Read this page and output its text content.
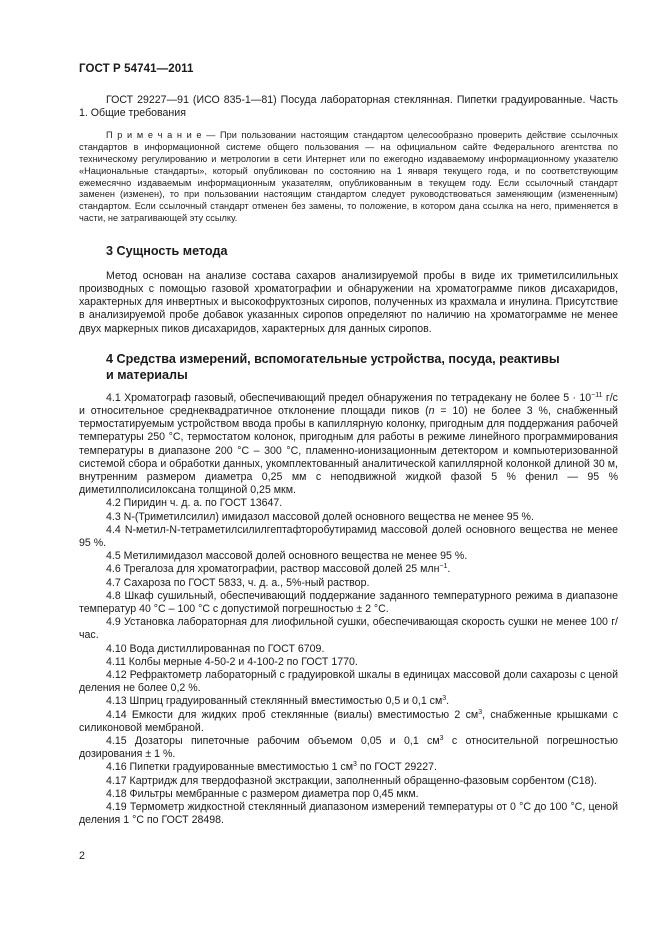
ГОСТ Р 54741—2011

ГОСТ 29227—91 (ИСО 835-1—81) Посуда лабораторная стеклянная. Пипетки градуированные. Часть 1. Общие требования

П р и м е ч а н и е — При пользовании настоящим стандартом целесообразно проверить действие ссылочных стандартов в информационной системе общего пользования — на официальном сайте Федерального агентства по техническому регулированию и метрологии в сети Интернет или по ежегодно издаваемому информационному указателю «Национальные стандарты», который опубликован по состоянию на 1 января текущего года, и по соответствующим ежемесячно издаваемым информационным указателям, опубликованным в текущем году. Если ссылочный стандарт заменен (изменен), то при пользовании настоящим стандартом следует руководствоваться заменяющим (измененным) стандартом. Если ссылочный стандарт отменен без замены, то положение, в котором дана ссылка на него, применяется в части, не затрагивающей эту ссылку.

3 Сущность метода

Метод основан на анализе состава сахаров анализируемой пробы в виде их триметилсилильных производных с помощью газовой хроматографии и обнаружении на хроматограмме пиков дисахаридов, характерных для инвертных и высокофруктозных сиропов, полученных из крахмала и инулина. Присутствие в анализируемой пробе добавок указанных сиропов определяют по наличию на хроматограмме не менее двух маркерных пиков дисахаридов, характерных для данных сиропов.

4 Средства измерений, вспомогательные устройства, посуда, реактивы
и материалы

4.1 Хроматограф газовый, обеспечивающий предел обнаружения по тетрадекану не более $5 \cdot 10^{-11}$ г/с и относительное среднеквадратичное отклонение площади пиков (n = 10) не более 3 %, снабженный термостатируемым устройством ввода пробы в капиллярную колонку, пригодным для поддержания рабочей температуры 250 °С, термостатом колонок, пригодным для работы в режиме линейного программирования температуры в диапазоне 200 °С – 300 °С, пламенно-ионизационным детектором и компьютеризованной системой сбора и обработки данных, укомплектованный аналитической капиллярной колонкой длиной 30 м, внутренним размером диаметра 0,25 мм с неподвижной жидкой фазой 5 % фенил — 95 % диметилполисилоксана толщиной 0,25 мкм.

4.2 Пиридин ч. д. а. по ГОСТ 13647.

4.3 N-(Триметилсилил) имидазол массовой долей основного вещества не менее 95 %.

4.4 N-метил-N-тетраметилсилилгептафторобутирамид массовой долей основного вещества не менее 95 %.

4.5 Метилимидазол массовой долей основного вещества не менее 95 %.

4.6 Трегалоза для хроматографии, раствор массовой долей 25 млн$^{-1}$.

4.7 Сахароза по ГОСТ 5833, ч. д. а., 5%-ный раствор.

4.8 Шкаф сушильный, обеспечивающий поддержание заданного температурного режима в диапазоне температур 40 °С – 100 °С с допустимой погрешностью ± 2 °С.

4.9 Установка лабораторная для лиофильной сушки, обеспечивающая скорость сушки не менее 100 г/час.

4.10 Вода дистиллированная по ГОСТ 6709.

4.11 Колбы мерные 4-50-2 и 4-100-2 по ГОСТ 1770.

4.12 Рефрактометр лабораторный с градуировкой шкалы в единицах массовой доли сахарозы с ценой деления не более 0,2 %.

4.13 Шприц градуированный стеклянный вместимостью 0,5 и 0,1 $см^3$.

4.14 Емкости для жидких проб стеклянные (виалы) вместимостью 2 $см^3$, снабженные крышками с силиконовой мембраной.

4.15 Дозаторы пипеточные рабочим объемом 0,05 и 0,1 $см^3$ с относительной погрешностью дозирования ± 1 %.

4.16 Пипетки градуированные вместимостью 1 $см^3$ по ГОСТ 29227.

4.17 Картридж для твердофазной экстракции, заполненный обращенно-фазовым сорбентом (С18).

4.18 Фильтры мембранные с размером диаметра пор 0,45 мкм.

4.19 Термометр жидкостной стеклянный диапазоном измерений температуры от 0 °С до 100 °С, ценой деления 1 °С по ГОСТ 28498.

2
